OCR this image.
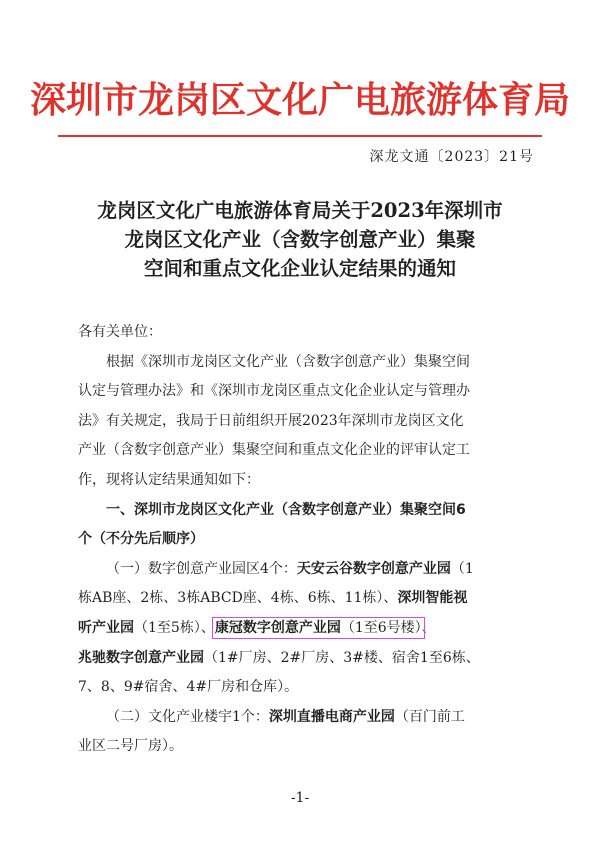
深圳市龙岗区文化广电旅游体育局
深龙文通〔2023〕21号
龙岗区文化广电旅游体育局关于2023年深圳市
龙岗区文化产业（含数字创意产业）集聚
空间和重点文化企业认定结果的通知
各有关单位：
根据《深圳市龙岗区文化产业（含数字创意产业）集聚空间
认定与管理办法》和《深圳市龙岗区重点文化企业认定与管理办
法》有关规定，我局于日前组织开展2023年深圳市龙岗区文化
产业（含数字创意产业）集聚空间和重点文化企业的评审认定工
作，现将认定结果通知如下：
一、深圳市龙岗区文化产业（含数字创意产业）集聚空间6
个（不分先后顺序）
（一）数字创意产业园区4个：天安云谷数字创意产业园（1
栋AB座、2栋、3栋ABCD座、4栋、6栋、11栋）、深圳智能视
听产业园（1至5栋）、康冠数字创意产业园（1至6号楼）、
兆驰数字创意产业园（1#厂房、2#厂房、3#楼、宿舍1至6栋、
7、8、9#宿舍、4#厂房和仓库）。
（二）文化产业楼宇1个：深圳直播电商产业园（百门前工
业区二号厂房）。
-1-
